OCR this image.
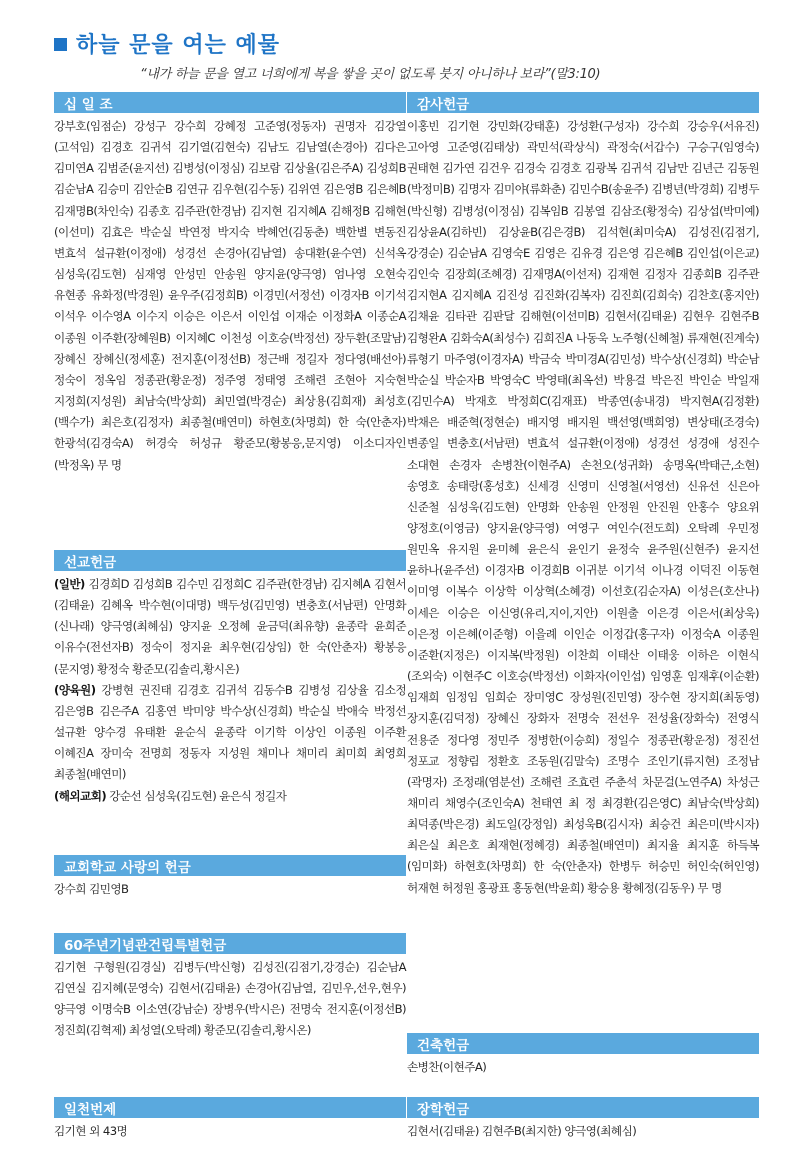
하늘 문을 여는 예물
“내가 하늘 문을 열고 너희에게 복을 쌓을 곳이 없도록 붓지 아니하나 보라”(말3:10)
십 일 조
강부호(임점순) 강성구 강수희 강혜정 고준영(정동자) 권명자 김강열(고석임) 김경호 김귀석 김기열(김현숙) 김남도 김남열(손경아) 김다은 김미연A 김범준(윤지선) 김병성(이정심) 김보람 김상율(김은주A) 김성희B 김순남A 김승미 김안순B 김연규 김우현(김수동) 김위연 김은영B 김은혜B 김재명B(차인숙) 김종호 김주관(한경남) 김지현 김지혜A 김해정B 김해현(이선미) 김효은 박순실 박연정 박지숙 박혜언(김동춘) 백한별 변동진 변효석 설규환(이정애) 성경선 손경아(김남열) 송대환(윤수연) 신석옥 심성욱(김도현) 심재영 안성민 안송원 양지윤(양극영) 엄나영 오현숙 유현종 유화정(박경원) 윤우주(김정희B) 이경민(서정선) 이경자B 이기석 이석우 이수영A 이수지 이승은 이은서 이인섭 이재순 이정화A 이종순A 이종원 이주환(장혜원B) 이지혜C 이천성 이호승(박정선) 장두환(조말남) 장혜신 장혜신(정세훈) 전지훈(이정선B) 정근배 정길자 정다영(배선아) 정숙이 정옥임 정종관(황운정) 정주영 정태영 조해련 조현아 지숙현 지정희(지성원) 최남숙(박상희) 최민열(박경순) 최상용(김희재) 최성호(백수가) 최은호(김정자) 최종철(배연미) 하현호(차명희) 한 숙(안춘자) 한광석(김경숙A) 허경숙 허성규 황준모(황봉응,문지영) 이소디자인(박정옥) 무 명
선교헌금
(일반) 김경희D 김성희B 김수민 김정희C 김주관(한경남) 김지혜A 김현서(김태윤) 김혜옥 박수현(이대명) 백두성(김민영) 변충호(서남편) 안명화(신나래) 양극영(최혜심) 양지윤 오정혜 윤금덕(최유향) 윤종락 윤희준 이유수(전선자B) 정숙이 정지윤 최우현(김상임) 한 숙(안춘자) 황봉응(문지영) 황정숙 황준모(김솔리,황시온)
(양육원) 강병현 권진태 김경호 김귀석 김동수B 김병성 김상율 김소정 김은영B 김은주A 김홍연 박미양 박수상(신경희) 박순실 박애숙 박정선 설규환 양수경 유태환 윤순식 윤종락 이기학 이상인 이종원 이주환 이혜진A 장미숙 전명희 정동자 지성원 채미나 채미리 최미희 최영희 최종철(배연미)
(해외교회) 강순선 심성욱(김도현) 윤은식 정길자
교회학교 사랑의 헌금
강수희 김민영B
60주년기념관건립특별헌금
김기현 구형원(김경실) 김병두(박신형) 김성진(김점기,강경순) 김순남A 김연실 김지혜(문영숙) 김현서(김태윤) 손경아(김남열, 김민우,선우,현우) 양극영 이명숙B 이소연(강남순) 장병우(박시은) 전명숙 전지훈(이정선B) 정진희(김혁제) 최성열(오탁례) 황준모(김솔리,황시온)
일천번제
김기현 외 43명
감사헌금
이홍빈 김기현 강민화(강태훈) 강성환(구성자) 강수희 강승우(서유진) 고아영 고준영(김태상) 곽민석(곽상식) 곽정숙(서갑수) 구승구(임영숙) 권태현 김가연 김건우 김경숙 김경호 김광복 김귀석 김남만 김년근 김동원(박정미B) 김명자 김미야(류화춘) 김민수B(송윤주) 김병년(박경희) 김병두(박신형) 김병성(이정심) 김복임B 김봉열 김삼조(황정숙) 김상섭(박미예) 김상윤A(김하빈) 김상윤B(김은경B) 김석현(최미숙A) 김성진(김점기,강경순) 김순남A 김영숙E 김영은 김유경 김은영 김은혜B 김인섭(이은교) 김인숙 김장희(조혜경) 김재명A(이선저) 김재현 김정자 김종희B 김주관 김지현A 김지혜A 김진성 김진화(김복자) 김진희(김희숙) 김찬호(홍지안) 김채윤 김타관 김판달 김해현(이선미B) 김현서(김태윤) 김현우 김현주B 김형완A 김화숙A(최성수) 김희진A 나동욱 노주형(신혜철) 류재현(진계숙) 류형기 마주영(이경자A) 박금숙 박미경A(김민성) 박수상(신경희) 박순남 박순실 박순자B 박영숙C 박영태(최옥선) 박용걸 박은진 박인순 박일재(김민수A) 박재호 박정희C(김재표) 박종연(송내경) 박지현A(김정환) 박채은 배준혁(정현순) 배지영 배지원 백선영(백희영) 변상태(조경숙) 변종일 변충호(서남편) 변효석 설규환(이정애) 성경선 성경애 성진수 소대현 손경자 손병찬(이현주A) 손천오(성귀화) 송명옥(박태근,소현) 송영호 송태랑(홍성호) 신세경 신영미 신영철(서영선) 신유선 신은아 신준철 심성욱(김도현) 안명화 안송원 안정원 안진원 안홍수 양요위 양정호(이영금) 양지윤(양극영) 여영구 여인수(전도희) 오탁례 우민정 원민옥 유지원 윤미혜 윤은식 윤인기 윤정숙 윤주원(신현주) 윤지선 윤하나(윤주선) 이경자B 이경희B 이귀분 이기석 이나경 이덕진 이동현 이미영 이복수 이상학 이상혁(소혜경) 이선호(김순자A) 이성은(호산나) 이세은 이승은 이신영(유리,지이,지안) 이원출 이은경 이은서(최상욱) 이은정 이은혜(이준형) 이을례 이인순 이정갑(홍구자) 이정숙A 이종원 이준환(지정은) 이지복(박정원) 이찬희 이태산 이태웅 이하은 이현식(조외숙) 이현주C 이호승(박정선) 이화자(이인섭) 임영훈 임재후(이순환) 임재희 임정임 임희순 장미영C 장성원(진민영) 장수현 장지희(최동영) 장지훈(김덕정) 장혜신 장화자 전명숙 전선우 전성율(장화숙) 전영식 전용준 정다영 정민주 정병한(이승희) 정일수 정종관(황운정) 정진선 정포교 정향림 정환호 조동원(김말숙) 조명수 조인기(류지현) 조정남(곽명자) 조정래(염분선) 조해련 조효련 주춘석 차문걸(노연주A) 차성근 채미리 채영수(조인숙A) 천태연 최 정 최경환(김은영C) 최남숙(박상희) 최덕종(박은경) 최도일(강정임) 최성욱B(김시자) 최승건 최은미(박시자) 최은실 최은호 최재현(정혜경) 최종철(배연미) 최지율 최지훈 하득복(임미화) 하현호(차명희) 한 숙(안춘자) 한병두 허승민 허인숙(허인영) 허재현 허정원 홍광표 홍동현(박윤희) 황승용 황혜정(김동우) 무 명
건축헌금
손병찬(이현주A)
장학헌금
김현서(김태윤) 김현주B(최지한) 양극영(최혜심)
